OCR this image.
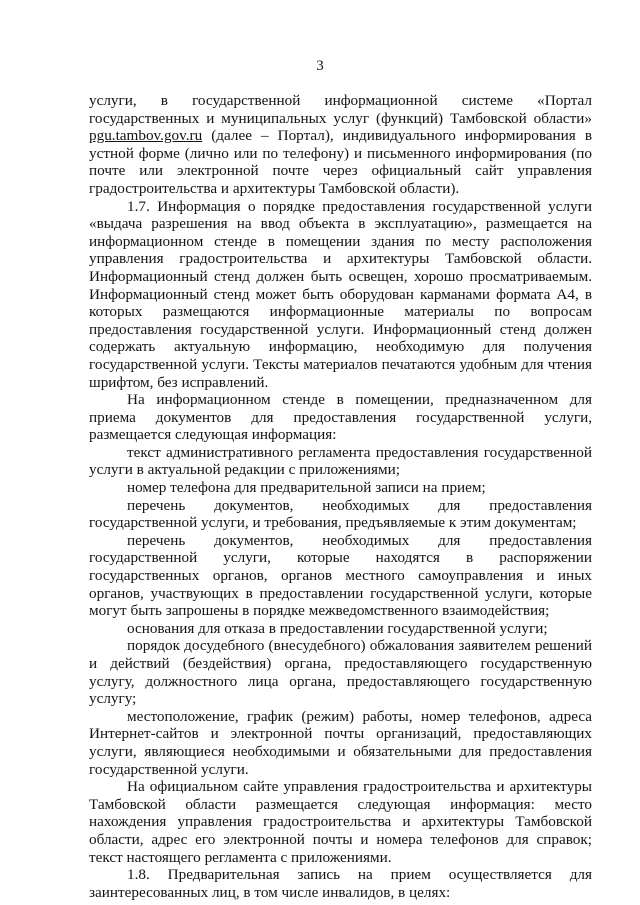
3

услуги, в государственной информационной системе «Портал государственных и муниципальных услуг (функций) Тамбовской области» pgu.tambov.gov.ru (далее – Портал), индивидуального информирования в устной форме (лично или по телефону) и письменного информирования (по почте или электронной почте через официальный сайт управления градостроительства и архитектуры Тамбовской области).

1.7. Информация о порядке предоставления государственной услуги «выдача разрешения на ввод объекта в эксплуатацию», размещается на информационном стенде в помещении здания по месту расположения управления градостроительства и архитектуры Тамбовской области. Информационный стенд должен быть освещен, хорошо просматриваемым. Информационный стенд может быть оборудован карманами формата А4, в которых размещаются информационные материалы по вопросам предоставления государственной услуги. Информационный стенд должен содержать актуальную информацию, необходимую для получения государственной услуги. Тексты материалов печатаются удобным для чтения шрифтом, без исправлений.

На информационном стенде в помещении, предназначенном для приема документов для предоставления государственной услуги, размещается следующая информация:

текст административного регламента предоставления государственной услуги в актуальной редакции с приложениями;

номер телефона для предварительной записи на прием;

перечень документов, необходимых для предоставления государственной услуги, и требования, предъявляемые к этим документам;

перечень документов, необходимых для предоставления государственной услуги, которые находятся в распоряжении государственных органов, органов местного самоуправления и иных органов, участвующих в предоставлении государственной услуги, которые могут быть запрошены в порядке межведомственного взаимодействия;

основания для отказа в предоставлении государственной услуги;

порядок досудебного (внесудебного) обжалования заявителем решений и действий (бездействия) органа, предоставляющего государственную услугу, должностного лица органа, предоставляющего государственную услугу;

местоположение, график (режим) работы, номер телефонов, адреса Интернет-сайтов и электронной почты организаций, предоставляющих услуги, являющиеся необходимыми и обязательными для предоставления государственной услуги.

На официальном сайте управления градостроительства и архитектуры Тамбовской области размещается следующая информация: место нахождения управления градостроительства и архитектуры Тамбовской области, адрес его электронной почты и номера телефонов для справок; текст настоящего регламента с приложениями.

1.8. Предварительная запись на прием осуществляется для заинтересованных лиц, в том числе инвалидов, в целях:
